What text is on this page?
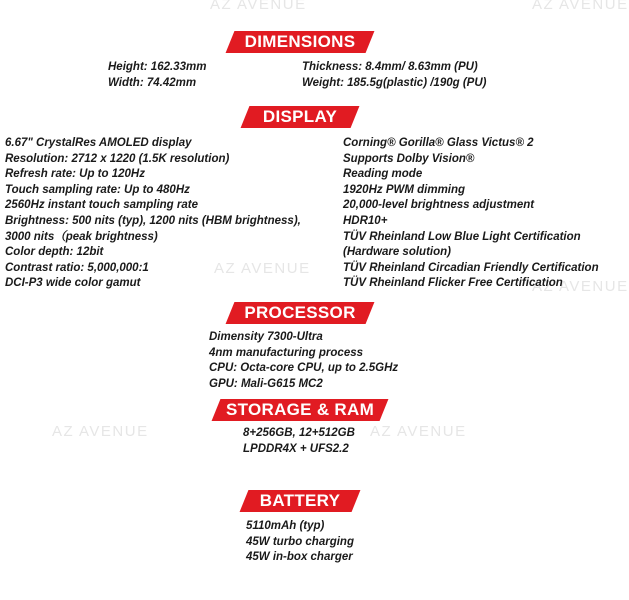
AZ AVENUE	AZ AVENUE
AZ AVENUE
AZ AVENUE
AZ AVENUE	AZ AVENUE
DIMENSIONS
Height: 162.33mm
Width: 74.42mm
Thickness: 8.4mm/ 8.63mm (PU)
Weight: 185.5g(plastic) /190g (PU)
DISPLAY
6.67" CrystalRes AMOLED display
Resolution: 2712 x 1220 (1.5K resolution)
Refresh rate: Up to 120Hz
Touch sampling rate: Up to 480Hz
2560Hz instant touch sampling rate
Brightness: 500 nits (typ), 1200 nits (HBM brightness),
3000 nits（peak brightness)
Color depth: 12bit
Contrast ratio: 5,000,000:1
DCI-P3 wide color gamut
Corning® Gorilla® Glass Victus® 2
Supports Dolby Vision®
Reading mode
1920Hz PWM dimming
20,000-level brightness adjustment
HDR10+
TÜV Rheinland Low Blue Light Certification
(Hardware solution)
TÜV Rheinland Circadian Friendly Certification
TÜV Rheinland Flicker Free Certification
PROCESSOR
Dimensity 7300-Ultra
4nm manufacturing process
CPU: Octa-core CPU, up to 2.5GHz
GPU: Mali-G615 MC2
STORAGE & RAM
8+256GB, 12+512GB
LPDDR4X + UFS2.2
BATTERY
5110mAh (typ)
45W turbo charging
45W in-box charger
